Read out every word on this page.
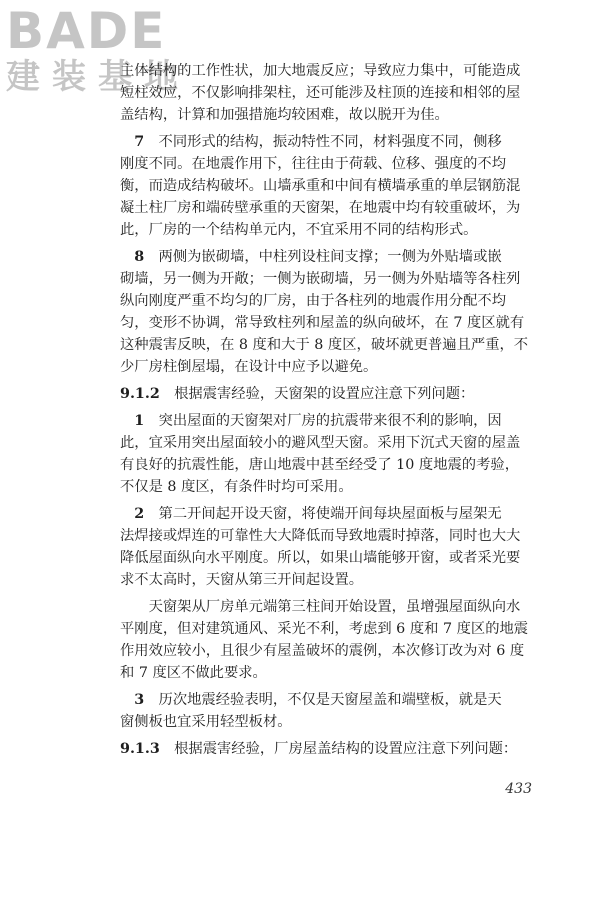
BADE
建装基地

主体结构的工作性状，加大地震反应；导致应力集中，可能造成

短柱效应，不仅影响排架柱，还可能涉及柱顶的连接和相邻的屋

盖结构，计算和加强措施均较困难，故以脱开为佳。

　7　 不同形式的结构，振动特性不同，材料强度不同，侧移

刚度不同。在地震作用下，往往由于荷载、位移、强度的不均

衡，而造成结构破坏。山墙承重和中间有横墙承重的单层钢筋混

凝土柱厂房和端砖壁承重的天窗架，在地震中均有较重破坏，为

此，厂房的一个结构单元内，不宜采用不同的结构形式。

　8　 两侧为嵌砌墙，中柱列设柱间支撑；一侧为外贴墙或嵌

砌墙，另一侧为开敞；一侧为嵌砌墙，另一侧为外贴墙等各柱列

纵向刚度严重不均匀的厂房，由于各柱列的地震作用分配不均

匀，变形不协调，常导致柱列和屋盖的纵向破坏，在 7 度区就有

这种震害反映，在 8 度和大于 8 度区，破坏就更普遍且严重，不

少厂房柱倒屋塌，在设计中应予以避免。

9.1.2　 根据震害经验，天窗架的设置应注意下列问题：

　1　 突出屋面的天窗架对厂房的抗震带来很不利的影响，因

此，宜采用突出屋面较小的避风型天窗。采用下沉式天窗的屋盖

有良好的抗震性能，唐山地震中甚至经受了 10 度地震的考验，

不仅是 8 度区，有条件时均可采用。

　2　 第二开间起开设天窗，将使端开间每块屋面板与屋架无

法焊接或焊连的可靠性大大降低而导致地震时掉落，同时也大大

降低屋面纵向水平刚度。所以，如果山墙能够开窗，或者采光要

求不太高时，天窗从第三开间起设置。

　　天窗架从厂房单元端第三柱间开始设置，虽增强屋面纵向水

平刚度，但对建筑通风、采光不利，考虑到 6 度和 7 度区的地震

作用效应较小，且很少有屋盖破坏的震例，本次修订改为对 6 度

和 7 度区不做此要求。

　3　 历次地震经验表明，不仅是天窗屋盖和端壁板，就是天

窗侧板也宜采用轻型板材。

9.1.3　 根据震害经验，厂房屋盖结构的设置应注意下列问题：

433
